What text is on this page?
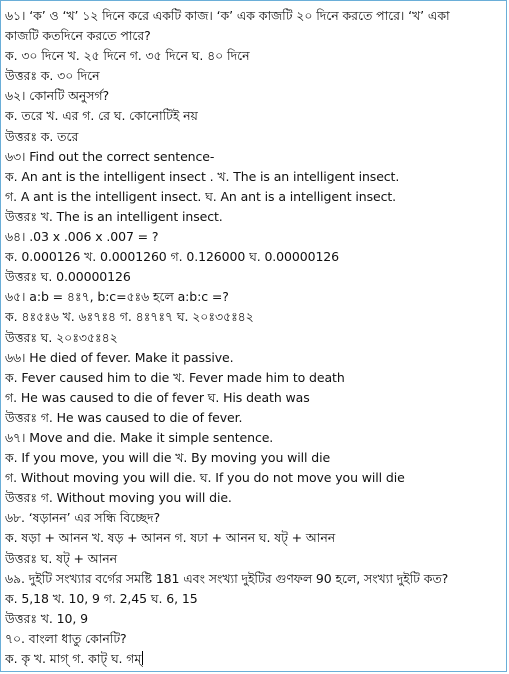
৬১। ‘ক’ ও ‘খ’ ১২ দিনে করে একটি কাজ। ‘ক’ এক কাজটি ২০ দিনে করতে পারে। ‘খ’ একা
কাজটি কতদিনে করতে পারে?
ক. ৩০ দিনে খ. ২৫ দিনে গ. ৩৫ দিনে ঘ. ৪০ দিনে
উত্তরঃ ক. ৩০ দিনে
৬২। কোনটি অনুসর্গ?
ক. তরে খ. এর গ. রে ঘ. কোনোটিই নয়
উত্তরঃ ক. তরে
৬৩। Find out the correct sentence-
ক. An ant is the intelligent insect . খ. The is an intelligent insect.
গ. A ant is the intelligent insect. ঘ. An ant is a intelligent insect.
উত্তরঃ খ. The is an intelligent insect.
৬৪। .03 x .006 x .007 = ?
ক. 0.000126 খ. 0.0001260 গ. 0.126000 ঘ. 0.00000126
উত্তরঃ ঘ. 0.00000126
৬৫। a:b = ৪ঃ৭, b:c=৫ঃ৬ হলে a:b:c =?
ক. ৪ঃ৫ঃ৬ খ. ৬ঃ৭ঃ৪ গ. ৪ঃ৭ঃ৭ ঘ. ২০ঃ৩৫ঃ৪২
উত্তরঃ ঘ. ২০ঃ৩৫ঃ৪২
৬৬। He died of fever. Make it passive.
ক. Fever caused him to die খ. Fever made him to death
গ. He was caused to die of fever ঘ. His death was
উত্তরঃ গ. He was caused to die of fever.
৬৭। Move and die. Make it simple sentence.
ক. If you move, you will die খ. By moving you will die
গ. Without moving you will die. ঘ. If you do not move you will die
উত্তরঃ গ. Without moving you will die.
৬৮. ‘ষড়ানন’ এর সন্ধি বিচ্ছেদ?
ক. ষড়া + আনন খ. ষড় + আনন গ. ষঢা + আনন ঘ. ষট্ + আনন
উত্তরঃ ঘ. ষট্ + আনন
৬৯. দুইটি সংখ্যার বর্গের সমষ্টি 181 এবং সংখ্যা দুইটির গুণফল 90 হলে, সংখ্যা দুইটি কত?
ক. 5,18 খ. 10, 9 গ. 2,45 ঘ. 6, 15
উত্তরঃ খ. 10, 9
৭০. বাংলা ধাতু কোনটি?
ক. কৃ খ. মাগ্ গ. কাট্ ঘ. গম্
